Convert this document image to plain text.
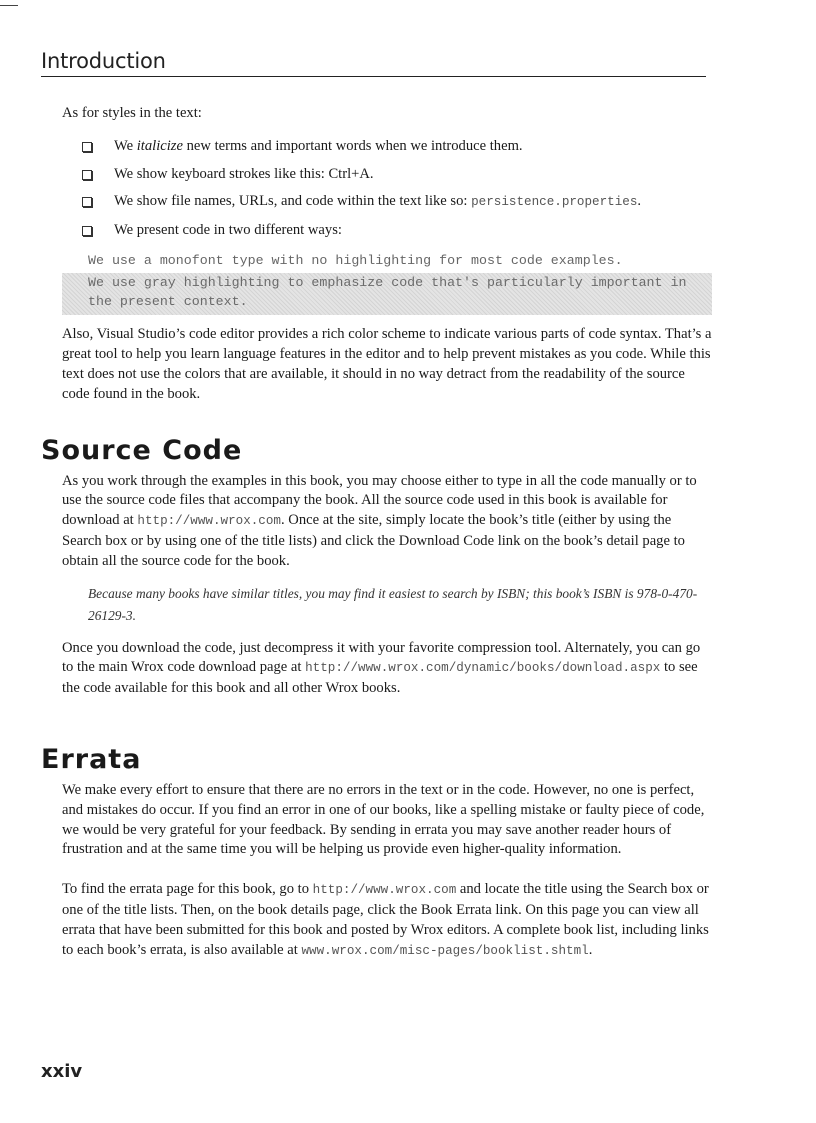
Introduction

As for styles in the text:

We italicize new terms and important words when we introduce them.
We show keyboard strokes like this: Ctrl+A.
We show file names, URLs, and code within the text like so: persistence.properties.
We present code in two different ways:
We use a monofont type with no highlighting for most code examples.
We use gray highlighting to emphasize code that's particularly important in
the present context.

Also, Visual Studio’s code editor provides a rich color scheme to indicate various parts of code syntax. That’s a great tool to help you learn language features in the editor and to help prevent mistakes as you code. While this text does not use the colors that are available, it should in no way detract from the readability of the source code found in the book.

Source Code

As you work through the examples in this book, you may choose either to type in all the code manually or to use the source code files that accompany the book. All the source code used in this book is available for download at http://www.wrox.com. Once at the site, simply locate the book’s title (either by using the Search box or by using one of the title lists) and click the Download Code link on the book’s detail page to obtain all the source code for the book.

Because many books have similar titles, you may find it easiest to search by ISBN; this book’s ISBN is 978-0-470-26129-3.

Once you download the code, just decompress it with your favorite compression tool. Alternately, you can go to the main Wrox code download page at http://www.wrox.com/dynamic/books/download.aspx to see the code available for this book and all other Wrox books.

Errata

We make every effort to ensure that there are no errors in the text or in the code. However, no one is perfect, and mistakes do occur. If you find an error in one of our books, like a spelling mistake or faulty piece of code, we would be very grateful for your feedback. By sending in errata you may save another reader hours of frustration and at the same time you will be helping us provide even higher-quality information.

To find the errata page for this book, go to http://www.wrox.com and locate the title using the Search box or one of the title lists. Then, on the book details page, click the Book Errata link. On this page you can view all errata that have been submitted for this book and posted by Wrox editors. A complete book list, including links to each book’s errata, is also available at www.wrox.com/misc-pages/booklist.shtml.

xxiv
